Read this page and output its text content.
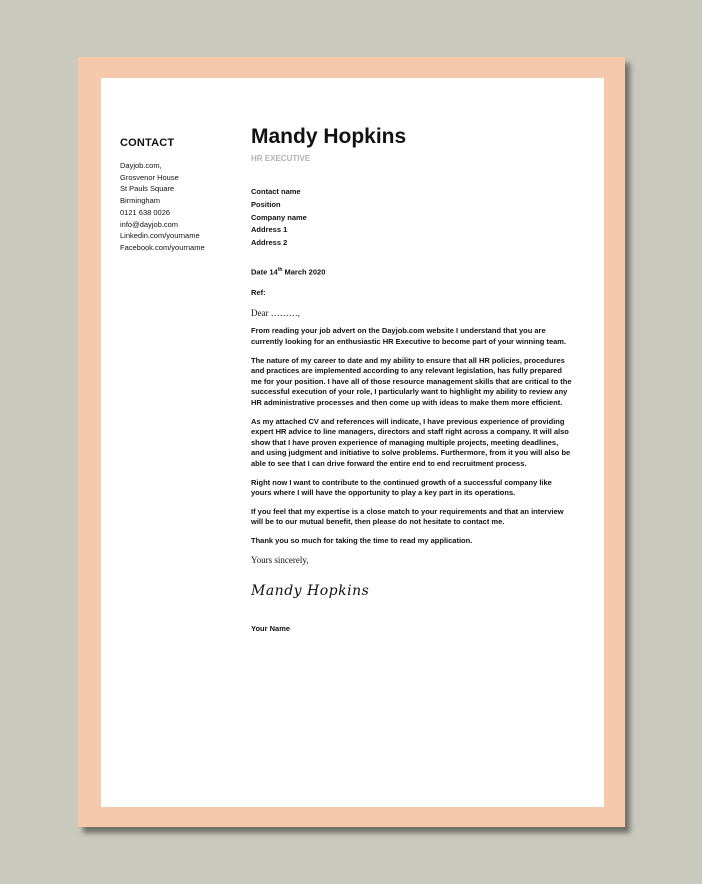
CONTACT
Dayjob.com,
Grosvenor House
St Pauls Square
Birmingham
0121 638 0026
info@dayjob.com
Linkedin.com/yourname
Facebook.com/yourname
Mandy Hopkins
HR EXECUTIVE
Contact name
Position
Company name
Address 1
Address 2
Date 14th March 2020
Ref:
Dear ………,
From reading your job advert on the Dayjob.com website I understand that you are currently looking for an enthusiastic HR Executive to become part of your winning team.
The nature of my career to date and my ability to ensure that all HR policies, procedures and practices are implemented according to any relevant legislation, has fully prepared me for your position. I have all of those resource management skills that are critical to the successful execution of your role, I particularly want to highlight my ability to review any HR administrative processes and then come up with ideas to make them more efficient.
As my attached CV and references will indicate, I have previous experience of providing expert HR advice to line managers, directors and staff right across a company. It will also show that I have proven experience of managing multiple projects, meeting deadlines, and using judgment and initiative to solve problems. Furthermore, from it you will also be able to see that I can drive forward the entire end to end recruitment process.
Right now I want to contribute to the continued growth of a successful company like yours where I will have the opportunity to play a key part in its operations.
If you feel that my expertise is a close match to your requirements and that an interview will be to our mutual benefit, then please do not hesitate to contact me.
Thank you so much for taking the time to read my application.
Yours sincerely,
Mandy Hopkins
Your Name
